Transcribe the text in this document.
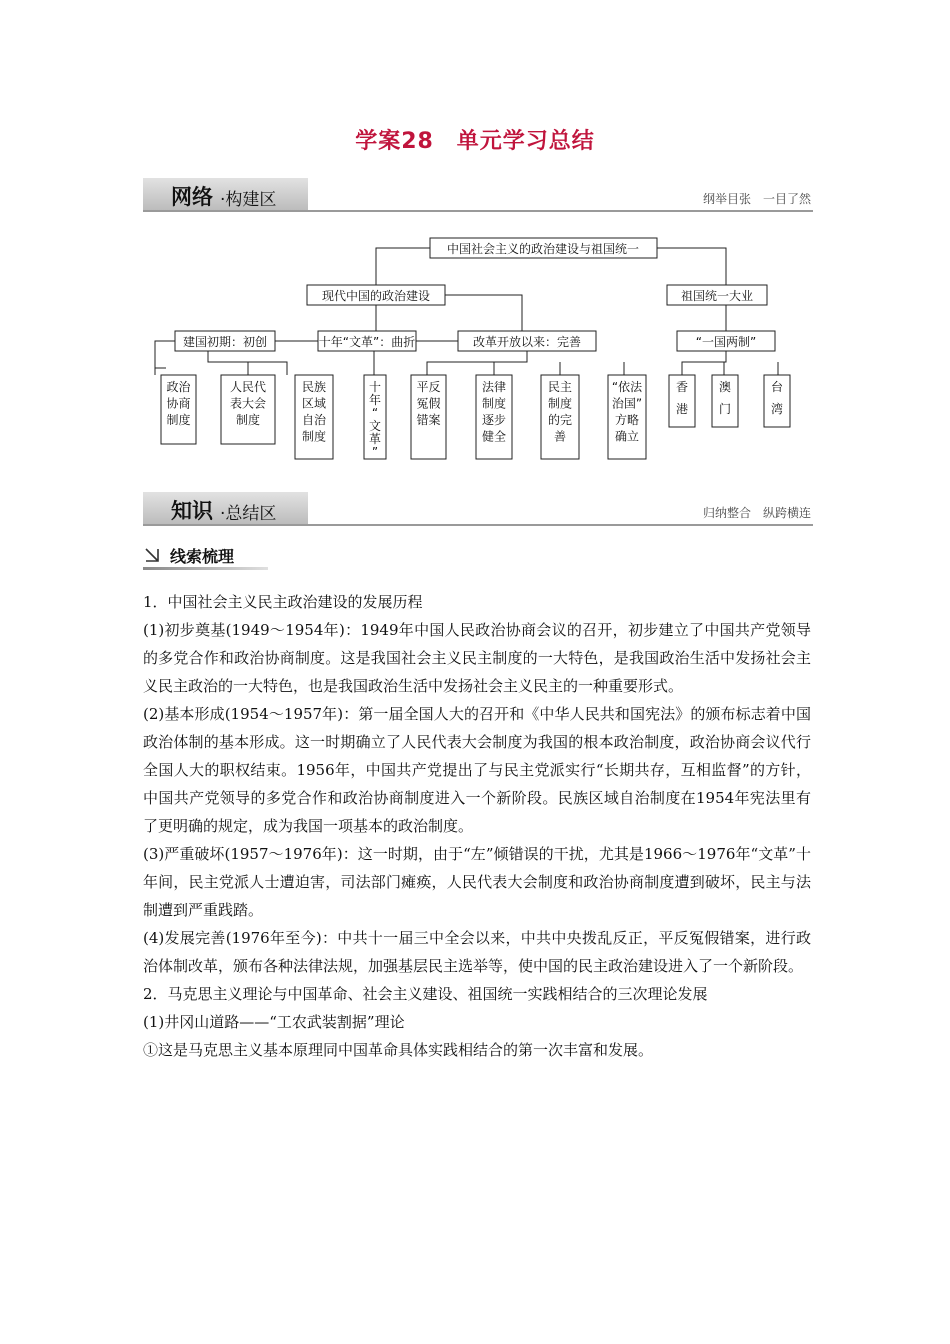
学案28　单元学习总结
网络 ·构建区	纲举目张　一目了然
中国社会主义的政治建设与祖国统一
现代中国的政治建设	祖国统一大业
建国初期：初创	十年“文革”：曲折	改革开放以来：完善	“一国两制”
政治
协商
制度
人民代
表大会
制度
民族
区域
自治
制度
十
年
“
文
革
”
平反
冤假
错案
法律
制度
逐步
健全
民主
制度
的完
善
“依法
治国”
方略
确立
香
港
澳
门
台
湾
知识 ·总结区	归纳整合　纵跨横连
线索梳理

1．中国社会主义民主政治建设的发展历程

(1)初步奠基(1949～1954年)：1949年中国人民政治协商会议的召开，初步建立了中国共产党领导的多党合作和政治协商制度。这是我国社会主义民主制度的一大特色，是我国政治生活中发扬社会主义民主政治的一大特色，也是我国政治生活中发扬社会主义民主的一种重要形式。

(2)基本形成(1954～1957年)：第一届全国人大的召开和《中华人民共和国宪法》的颁布标志着中国政治体制的基本形成。这一时期确立了人民代表大会制度为我国的根本政治制度，政治协商会议代行全国人大的职权结束。1956年，中国共产党提出了与民主党派实行“长期共存，互相监督”的方针，中国共产党领导的多党合作和政治协商制度进入一个新阶段。民族区域自治制度在1954年宪法里有了更明确的规定，成为我国一项基本的政治制度。

(3)严重破坏(1957～1976年)：这一时期，由于“左”倾错误的干扰，尤其是1966～1976年“文革”十年间，民主党派人士遭迫害，司法部门瘫痪，人民代表大会制度和政治协商制度遭到破坏，民主与法制遭到严重践踏。

(4)发展完善(1976年至今)：中共十一届三中全会以来，中共中央拨乱反正，平反冤假错案，进行政治体制改革，颁布各种法律法规，加强基层民主选举等，使中国的民主政治建设进入了一个新阶段。

2．马克思主义理论与中国革命、社会主义建设、祖国统一实践相结合的三次理论发展

(1)井冈山道路——“工农武装割据”理论

①这是马克思主义基本原理同中国革命具体实践相结合的第一次丰富和发展。
